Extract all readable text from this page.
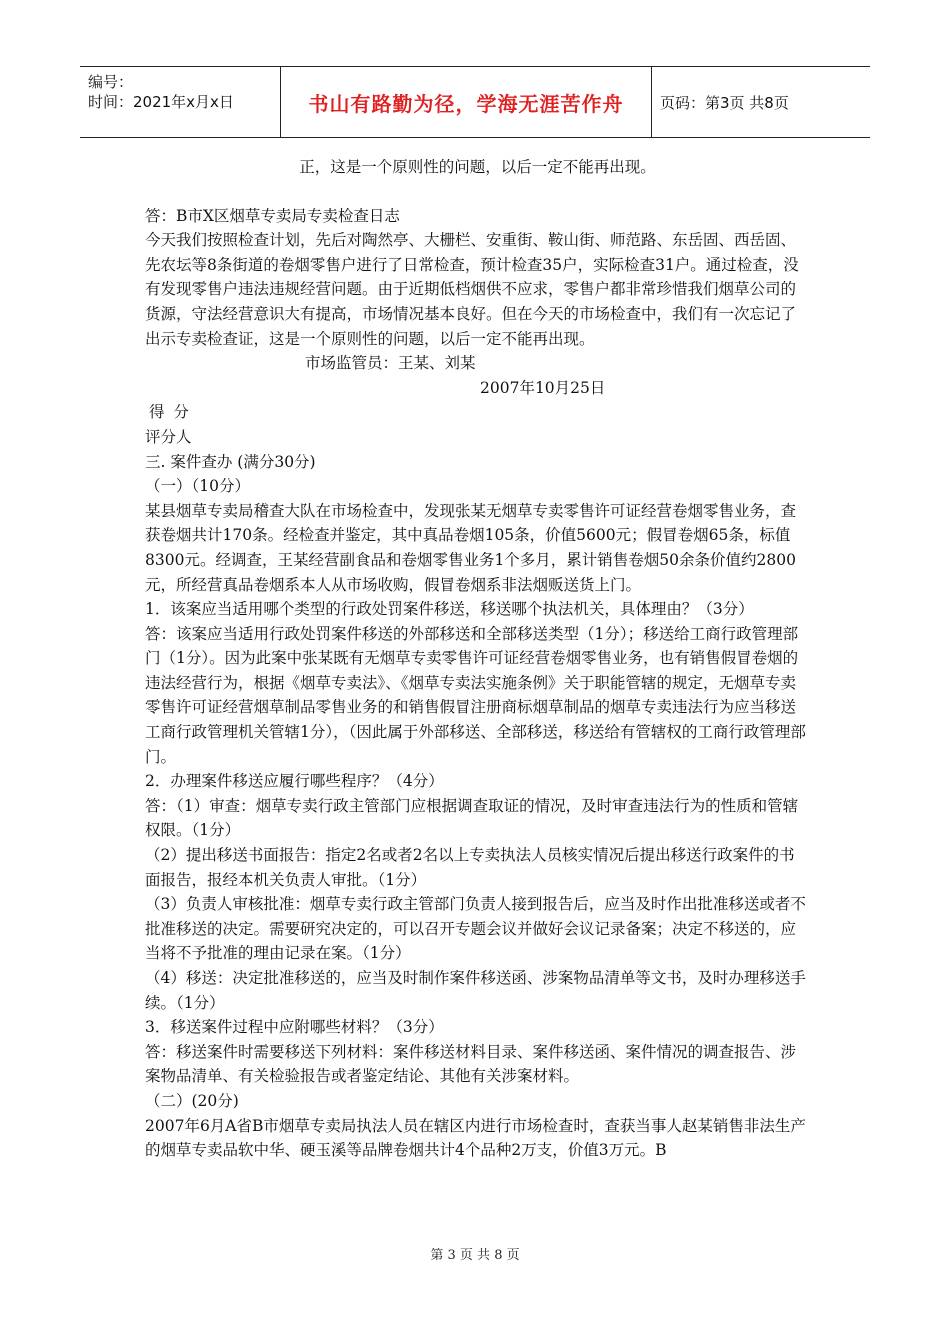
编号：
时间：2021年x月x日	书山有路勤为径，学海无涯苦作舟	页码：第3页 共8页

正，这是一个原则性的问题，以后一定不能再出现。

答：B市X区烟草专卖局专卖检查日志

今天我们按照检查计划，先后对陶然亭、大栅栏、安重街、鞍山街、师范路、东岳固、西岳固、先农坛等8条街道的卷烟零售户进行了日常检查，预计检查35户，实际检查31户。通过检查，没有发现零售户违法违规经营问题。由于近期低档烟供不应求，零售户都非常珍惜我们烟草公司的货源，守法经营意识大有提高，市场情况基本良好。但在今天的市场检查中，我们有一次忘记了出示专卖检查证，这是一个原则性的问题，以后一定不能再出现。

市场监管员：王某、刘某

2007年10月25日

得 分

评分人

三. 案件查办 (满分30分)

（一）（10分）

某县烟草专卖局稽查大队在市场检查中，发现张某无烟草专卖零售许可证经营卷烟零售业务，查获卷烟共计170条。经检查并鉴定，其中真品卷烟105条，价值5600元；假冒卷烟65条，标值8300元。经调查，王某经营副食品和卷烟零售业务1个多月，累计销售卷烟50余条价值约2800元，所经营真品卷烟系本人从市场收购，假冒卷烟系非法烟贩送货上门。

1．该案应当适用哪个类型的行政处罚案件移送，移送哪个执法机关，具体理由？（3分）

答：该案应当适用行政处罚案件移送的外部移送和全部移送类型（1分）；移送给工商行政管理部门（1分）。因为此案中张某既有无烟草专卖零售许可证经营卷烟零售业务，也有销售假冒卷烟的违法经营行为，根据《烟草专卖法》、《烟草专卖法实施条例》关于职能管辖的规定，无烟草专卖零售许可证经营烟草制品零售业务的和销售假冒注册商标烟草制品的烟草专卖违法行为应当移送工商行政管理机关管辖1分），（因此属于外部移送、全部移送，移送给有管辖权的工商行政管理部门。

2．办理案件移送应履行哪些程序？（4分）

答：（1）审查：烟草专卖行政主管部门应根据调查取证的情况，及时审查违法行为的性质和管辖权限。（1分）

（2）提出移送书面报告：指定2名或者2名以上专卖执法人员核实情况后提出移送行政案件的书面报告，报经本机关负责人审批。（1分）

（3）负责人审核批准：烟草专卖行政主管部门负责人接到报告后，应当及时作出批准移送或者不批准移送的决定。需要研究决定的，可以召开专题会议并做好会议记录备案；决定不移送的，应当将不予批准的理由记录在案。（1分）

（4）移送：决定批准移送的，应当及时制作案件移送函、涉案物品清单等文书，及时办理移送手续。（1分）

3．移送案件过程中应附哪些材料？（3分）

答：移送案件时需要移送下列材料：案件移送材料目录、案件移送函、案件情况的调查报告、涉案物品清单、有关检验报告或者鉴定结论、其他有关涉案材料。

（二）(20分)

2007年6月A省B市烟草专卖局执法人员在辖区内进行市场检查时，查获当事人赵某销售非法生产的烟草专卖品软中华、硬玉溪等品牌卷烟共计4个品种2万支，价值3万元。B

第 3 页 共 8 页
